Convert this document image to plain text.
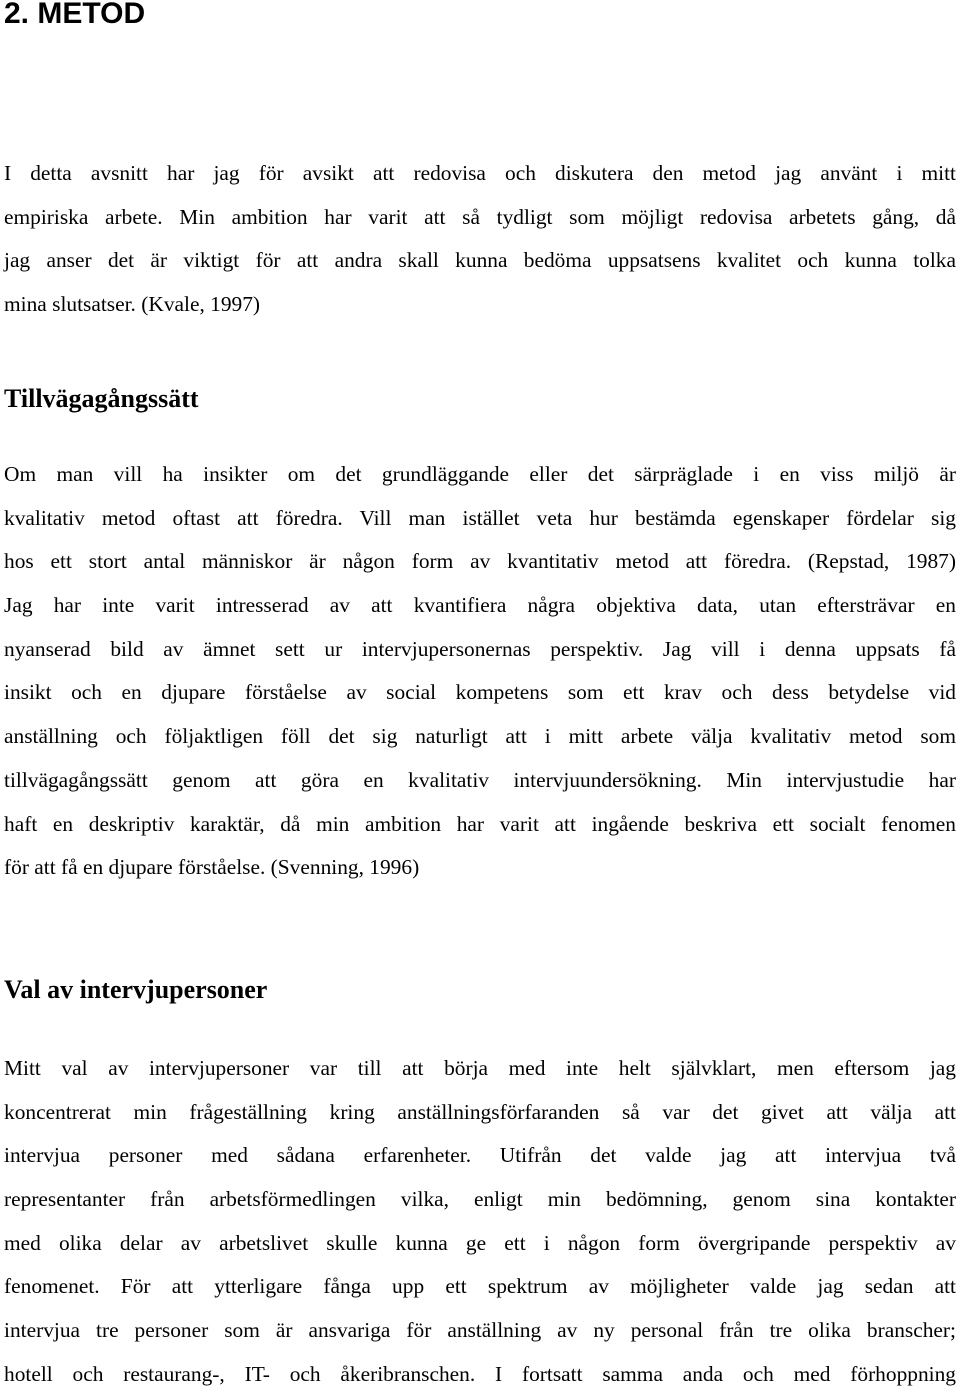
2. METOD

I detta avsnitt har jag för avsikt att redovisa och diskutera den metod jag använt i mitt
empiriska arbete. Min ambition har varit att så tydligt som möjligt redovisa arbetets gång, då
jag anser det är viktigt för att andra skall kunna bedöma uppsatsens kvalitet och kunna tolka
mina slutsatser. (Kvale, 1997)

Tillvägagångssätt

Om man vill ha insikter om det grundläggande eller det särpräglade i en viss miljö är
kvalitativ metod oftast att föredra. Vill man istället veta hur bestämda egenskaper fördelar sig
hos ett stort antal människor är någon form av kvantitativ metod att föredra. (Repstad, 1987)
Jag har inte varit intresserad av att kvantifiera några objektiva data, utan eftersträvar en
nyanserad bild av ämnet sett ur intervjupersonernas perspektiv. Jag vill i denna uppsats få
insikt och en djupare förståelse av social kompetens som ett krav och dess betydelse vid
anställning och följaktligen föll det sig naturligt att i mitt arbete välja kvalitativ metod som
tillvägagångssätt genom att göra en kvalitativ intervjuundersökning. Min intervjustudie har
haft en deskriptiv karaktär, då min ambition har varit att ingående beskriva ett socialt fenomen
för att få en djupare förståelse. (Svenning, 1996)

Val av intervjupersoner

Mitt val av intervjupersoner var till att börja med inte helt självklart, men eftersom jag
koncentrerat min frågeställning kring anställningsförfaranden så var det givet att välja att
intervjua personer med sådana erfarenheter. Utifrån det valde jag att intervjua två
representanter från arbetsförmedlingen vilka, enligt min bedömning, genom sina kontakter
med olika delar av arbetslivet skulle kunna ge ett i någon form övergripande perspektiv av
fenomenet. För att ytterligare fånga upp ett spektrum av möjligheter valde jag sedan att
intervjua tre personer som är ansvariga för anställning av ny personal från tre olika branscher;
hotell och restaurang-, IT- och åkeribranschen. I fortsatt samma anda och med förhoppning
